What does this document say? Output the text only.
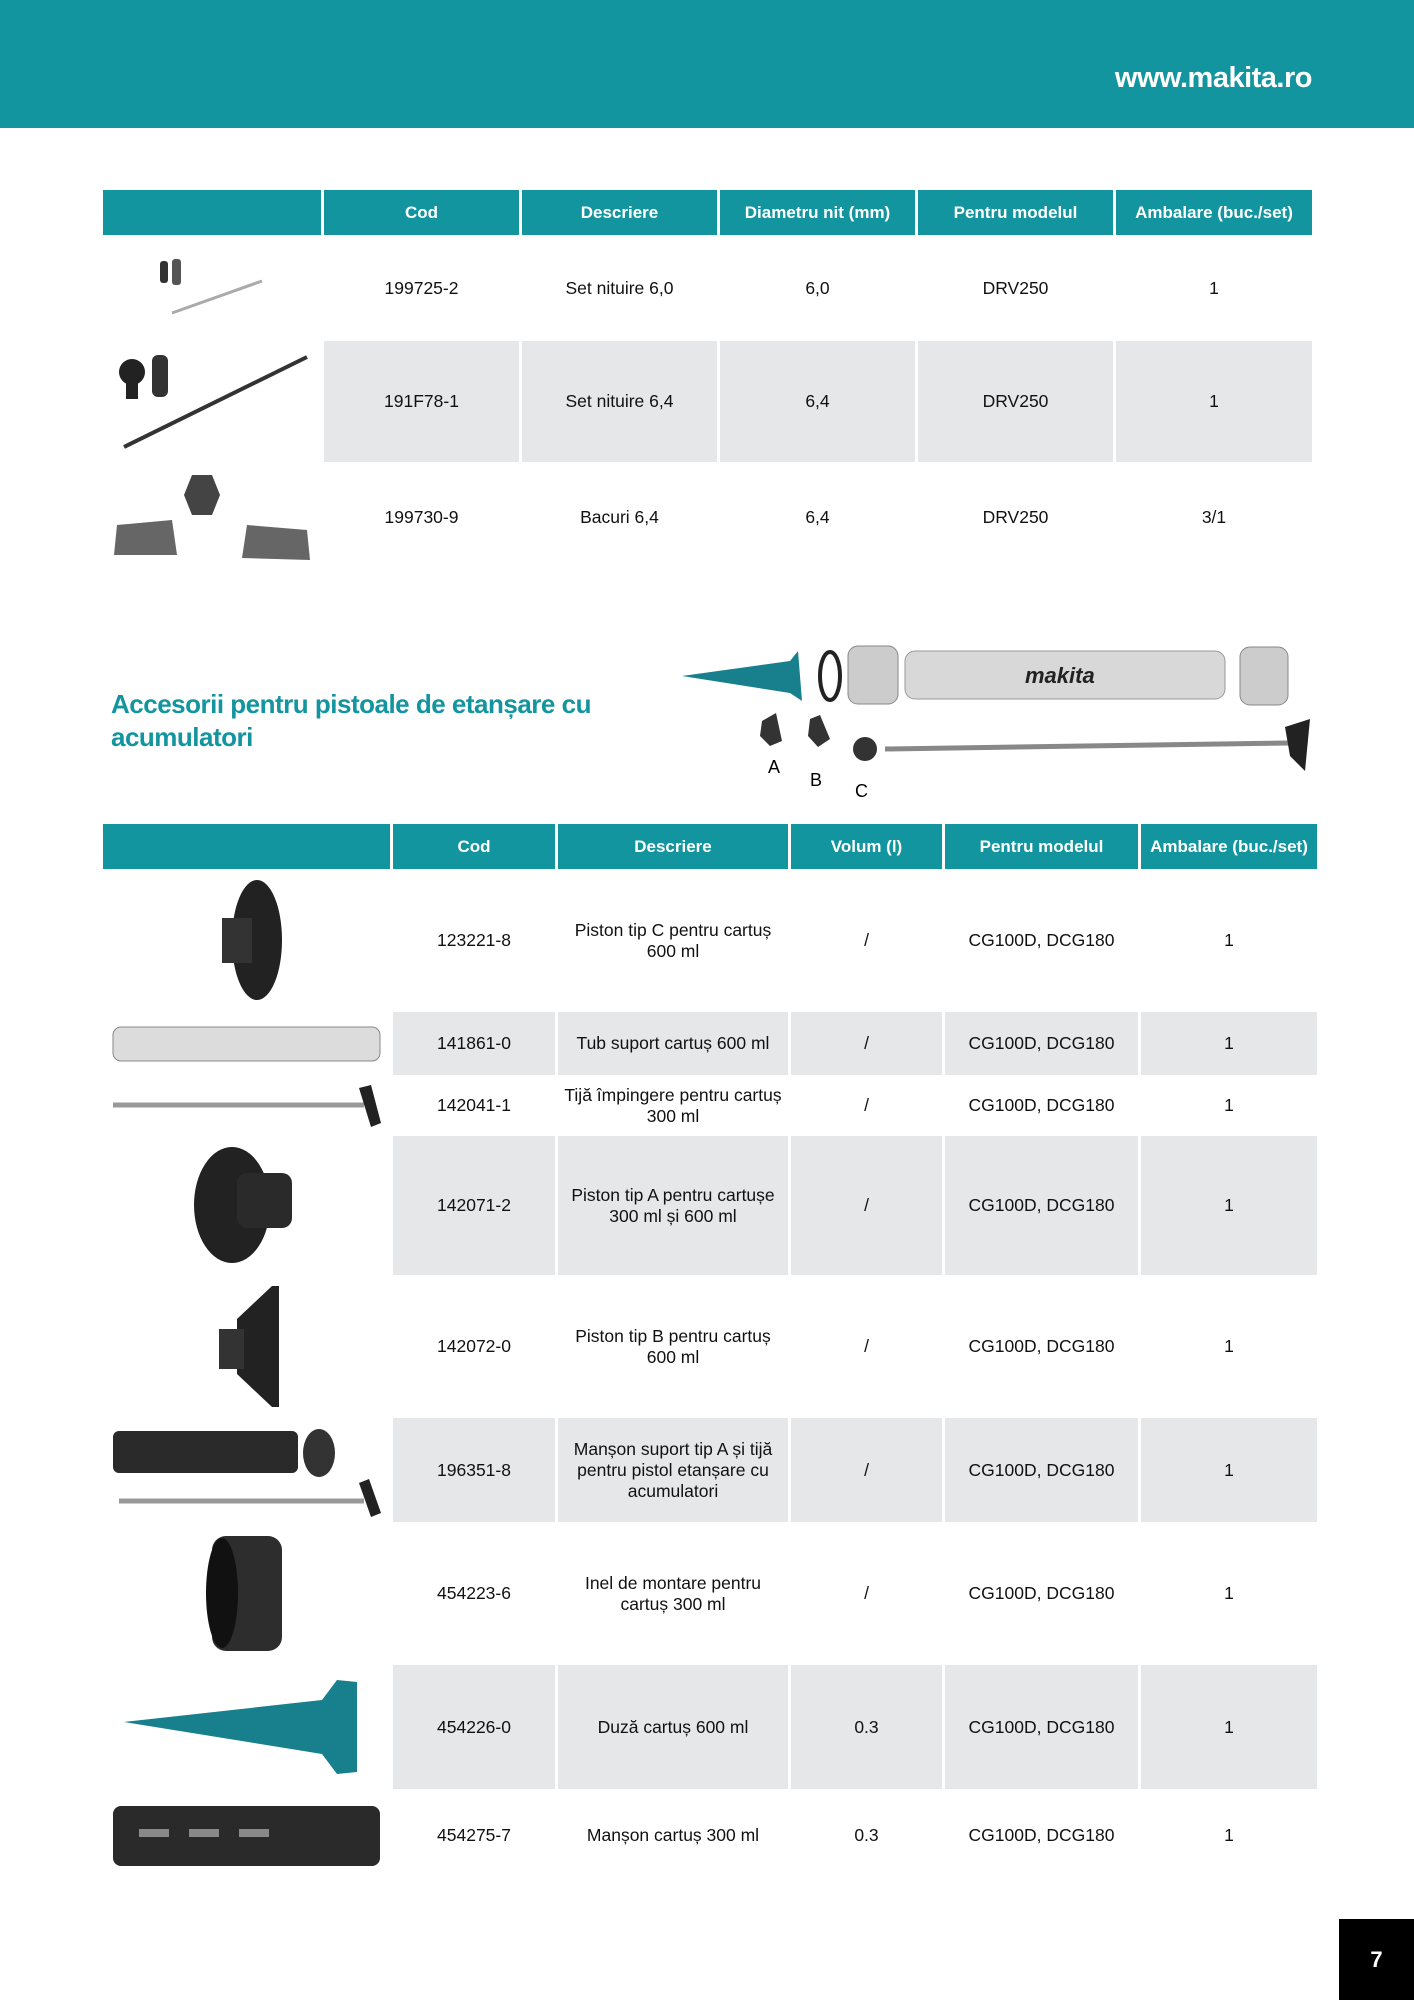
www.makita.ro
	Cod	Descriere	Diametru nit (mm)	Pentru modelul	Ambalare (buc./set)

	199725-2	Set nituire 6,0	6,0	DRV250	1

	191F78-1	Set nituire 6,4	6,4	DRV250	1

	199730-9	Bacuri 6,4	6,4	DRV250	3/1
Accesorii pentru pistoale de etanșare cu acumulatori
makita
A
B
C
	Cod	Descriere	Volum (l)	Pentru modelul	Ambalare (buc./set)

	123221-8	Piston tip C pentru cartuș 600 ml	/	CG100D, DCG180	1

	141861-0	Tub suport cartuș 600 ml	/	CG100D, DCG180	1

	142041-1	Tijă împingere pentru cartuș 300 ml	/	CG100D, DCG180	1

	142071-2	Piston tip A pentru cartușe 300 ml și 600 ml	/	CG100D, DCG180	1

	142072-0	Piston tip B pentru cartuș 600 ml	/	CG100D, DCG180	1

	196351-8	Manșon suport tip A și tijă pentru pistol etanșare cu acumulatori	/	CG100D, DCG180	1

	454223-6	Inel de montare pentru cartuș 300 ml	/	CG100D, DCG180	1

	454226-0	Duză cartuș 600 ml	0.3	CG100D, DCG180	1

	454275-7	Manșon cartuș 300 ml	0.3	CG100D, DCG180	1
7
